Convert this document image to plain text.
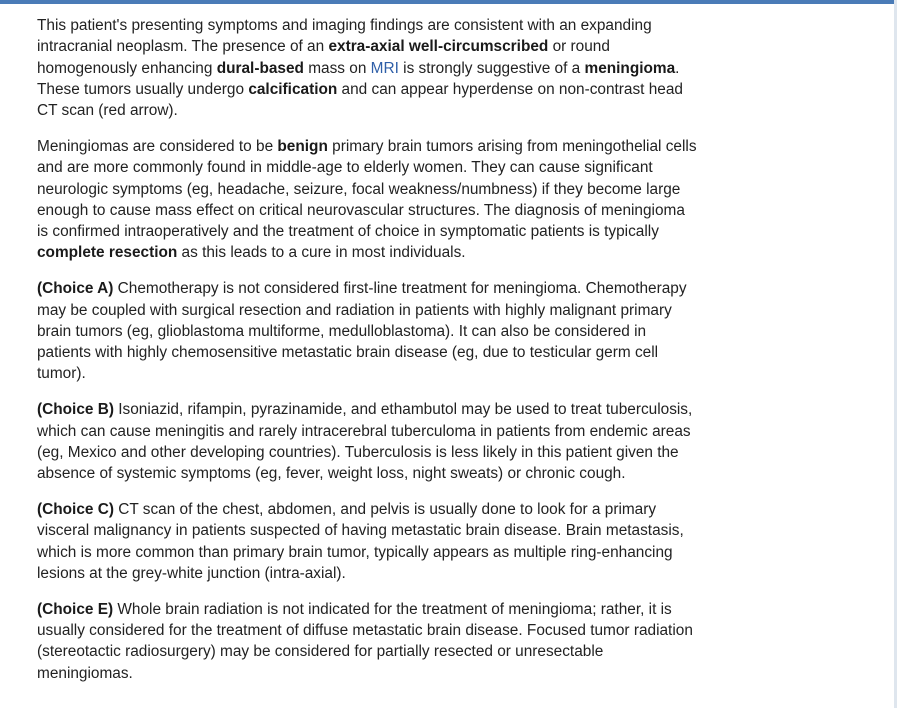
This patient's presenting symptoms and imaging findings are consistent with an expanding
intracranial neoplasm. The presence of an extra-axial well-circumscribed or round
homogenously enhancing dural-based mass on MRI is strongly suggestive of a meningioma.
These tumors usually undergo calcification and can appear hyperdense on non-contrast head
CT scan (red arrow).

Meningiomas are considered to be benign primary brain tumors arising from meningothelial cells
and are more commonly found in middle-age to elderly women. They can cause significant
neurologic symptoms (eg, headache, seizure, focal weakness/numbness) if they become large
enough to cause mass effect on critical neurovascular structures. The diagnosis of meningioma
is confirmed intraoperatively and the treatment of choice in symptomatic patients is typically
complete resection as this leads to a cure in most individuals.

(Choice A) Chemotherapy is not considered first-line treatment for meningioma. Chemotherapy
may be coupled with surgical resection and radiation in patients with highly malignant primary
brain tumors (eg, glioblastoma multiforme, medulloblastoma). It can also be considered in
patients with highly chemosensitive metastatic brain disease (eg, due to testicular germ cell
tumor).

(Choice B) Isoniazid, rifampin, pyrazinamide, and ethambutol may be used to treat tuberculosis,
which can cause meningitis and rarely intracerebral tuberculoma in patients from endemic areas
(eg, Mexico and other developing countries). Tuberculosis is less likely in this patient given the
absence of systemic symptoms (eg, fever, weight loss, night sweats) or chronic cough.

(Choice C) CT scan of the chest, abdomen, and pelvis is usually done to look for a primary
visceral malignancy in patients suspected of having metastatic brain disease. Brain metastasis,
which is more common than primary brain tumor, typically appears as multiple ring-enhancing
lesions at the grey-white junction (intra-axial).

(Choice E) Whole brain radiation is not indicated for the treatment of meningioma; rather, it is
usually considered for the treatment of diffuse metastatic brain disease. Focused tumor radiation
(stereotactic radiosurgery) may be considered for partially resected or unresectable
meningiomas.
